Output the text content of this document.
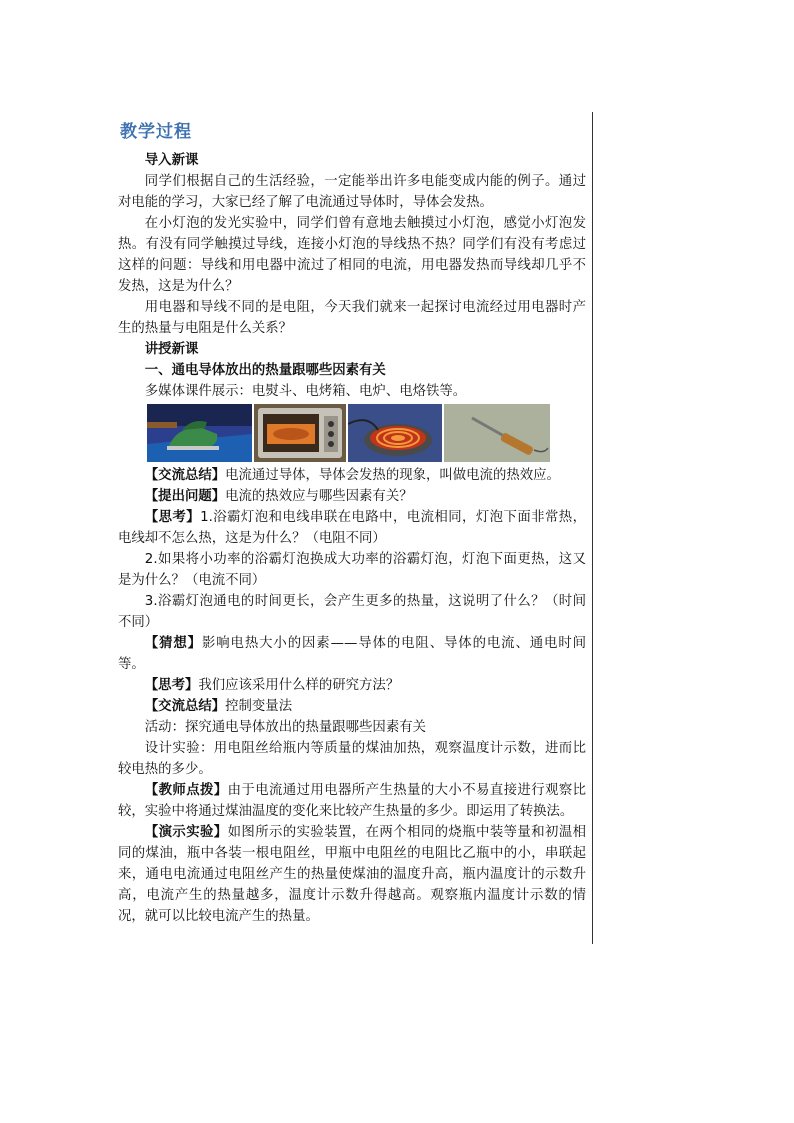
教学过程

导入新课

同学们根据自己的生活经验，一定能举出许多电能变成内能的例子。通过对电能的学习，大家已经了解了电流通过导体时，导体会发热。

在小灯泡的发光实验中，同学们曾有意地去触摸过小灯泡，感觉小灯泡发热。有没有同学触摸过导线，连接小灯泡的导线热不热？同学们有没有考虑过这样的问题：导线和用电器中流过了相同的电流，用电器发热而导线却几乎不发热，这是为什么？

用电器和导线不同的是电阻，今天我们就来一起探讨电流经过用电器时产生的热量与电阻是什么关系？

讲授新课

一、通电导体放出的热量跟哪些因素有关

多媒体课件展示：电熨斗、电烤箱、电炉、电烙铁等。

【交流总结】电流通过导体，导体会发热的现象，叫做电流的热效应。

【提出问题】电流的热效应与哪些因素有关？

【思考】1.浴霸灯泡和电线串联在电路中，电流相同，灯泡下面非常热，电线却不怎么热，这是为什么？（电阻不同）

2.如果将小功率的浴霸灯泡换成大功率的浴霸灯泡，灯泡下面更热，这又是为什么？（电流不同）

3.浴霸灯泡通电的时间更长，会产生更多的热量，这说明了什么？（时间不同）

【猜想】影响电热大小的因素——导体的电阻、导体的电流、通电时间等。

【思考】我们应该采用什么样的研究方法？

【交流总结】控制变量法

活动：探究通电导体放出的热量跟哪些因素有关

设计实验：用电阻丝给瓶内等质量的煤油加热，观察温度计示数，进而比较电热的多少。

【教师点拨】由于电流通过用电器所产生热量的大小不易直接进行观察比较，实验中将通过煤油温度的变化来比较产生热量的多少。即运用了转换法。

【演示实验】如图所示的实验装置，在两个相同的烧瓶中装等量和初温相同的煤油，瓶中各装一根电阻丝，甲瓶中电阻丝的电阻比乙瓶中的小，串联起来，通电电流通过电阻丝产生的热量使煤油的温度升高，瓶内温度计的示数升高，电流产生的热量越多，温度计示数升得越高。观察瓶内温度计示数的情况，就可以比较电流产生的热量。
